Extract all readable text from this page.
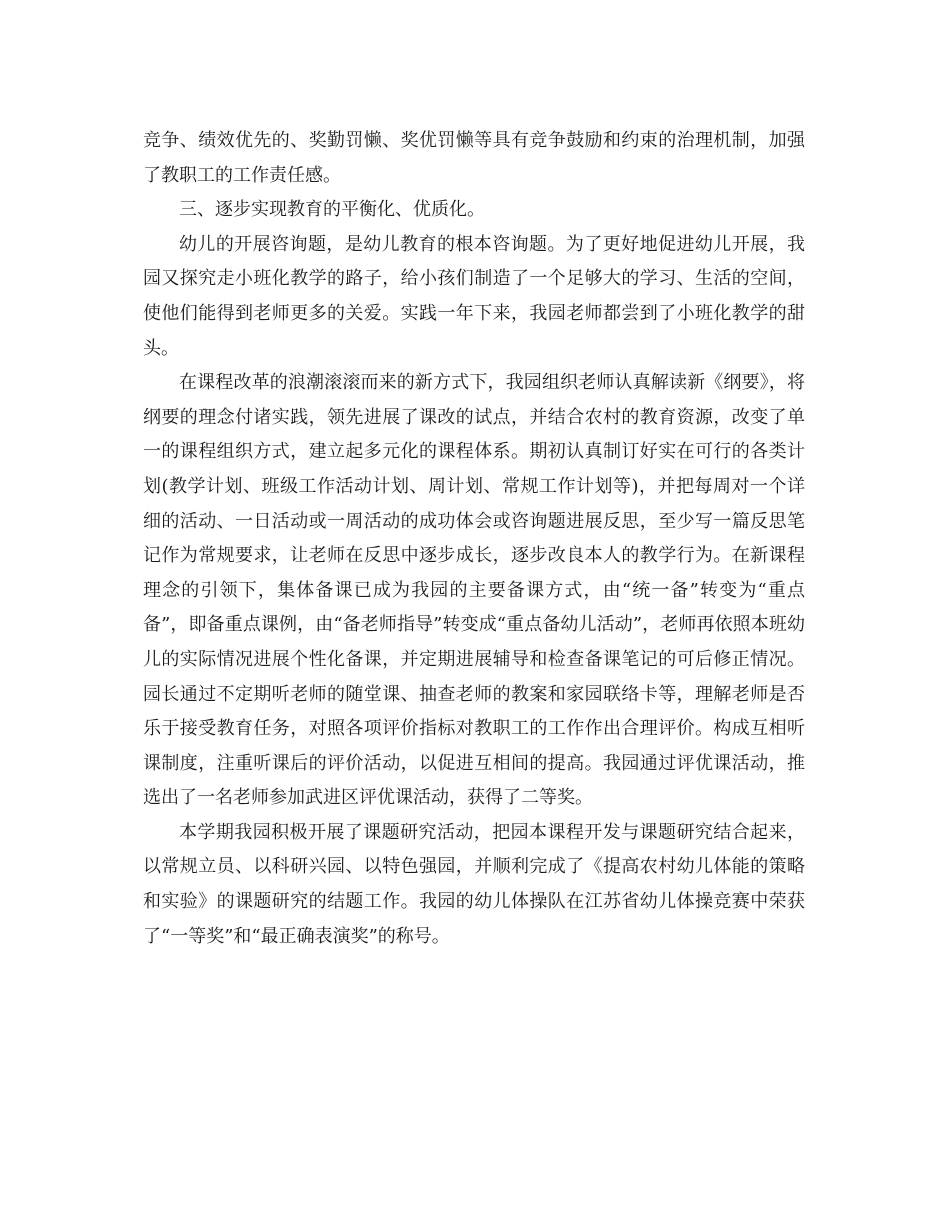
竞争、绩效优先的、奖勤罚懒、奖优罚懒等具有竞争鼓励和约束的治理机制，加强了教职工的工作责任感。

三、逐步实现教育的平衡化、优质化。

幼儿的开展咨询题，是幼儿教育的根本咨询题。为了更好地促进幼儿开展，我园又探究走小班化教学的路子，给小孩们制造了一个足够大的学习、生活的空间，使他们能得到老师更多的关爱。实践一年下来，我园老师都尝到了小班化教学的甜头。

在课程改革的浪潮滚滚而来的新方式下，我园组织老师认真解读新《纲要》，将纲要的理念付诸实践，领先进展了课改的试点，并结合农村的教育资源，改变了单一的课程组织方式，建立起多元化的课程体系。期初认真制订好实在可行的各类计划(教学计划、班级工作活动计划、周计划、常规工作计划等)，并把每周对一个详细的活动、一日活动或一周活动的成功体会或咨询题进展反思，至少写一篇反思笔记作为常规要求，让老师在反思中逐步成长，逐步改良本人的教学行为。在新课程理念的引领下，集体备课已成为我园的主要备课方式，由“统一备”转变为“重点备”，即备重点课例，由“备老师指导”转变成“重点备幼儿活动”，老师再依照本班幼儿的实际情况进展个性化备课，并定期进展辅导和检查备课笔记的可后修正情况。园长通过不定期听老师的随堂课、抽查老师的教案和家园联络卡等，理解老师是否乐于接受教育任务，对照各项评价指标对教职工的工作作出合理评价。构成互相听课制度，注重听课后的评价活动，以促进互相间的提高。我园通过评优课活动，推选出了一名老师参加武进区评优课活动，获得了二等奖。

本学期我园积极开展了课题研究活动，把园本课程开发与课题研究结合起来，以常规立员、以科研兴园、以特色强园，并顺利完成了《提高农村幼儿体能的策略和实验》的课题研究的结题工作。我园的幼儿体操队在江苏省幼儿体操竞赛中荣获了“一等奖”和“最正确表演奖”的称号。
